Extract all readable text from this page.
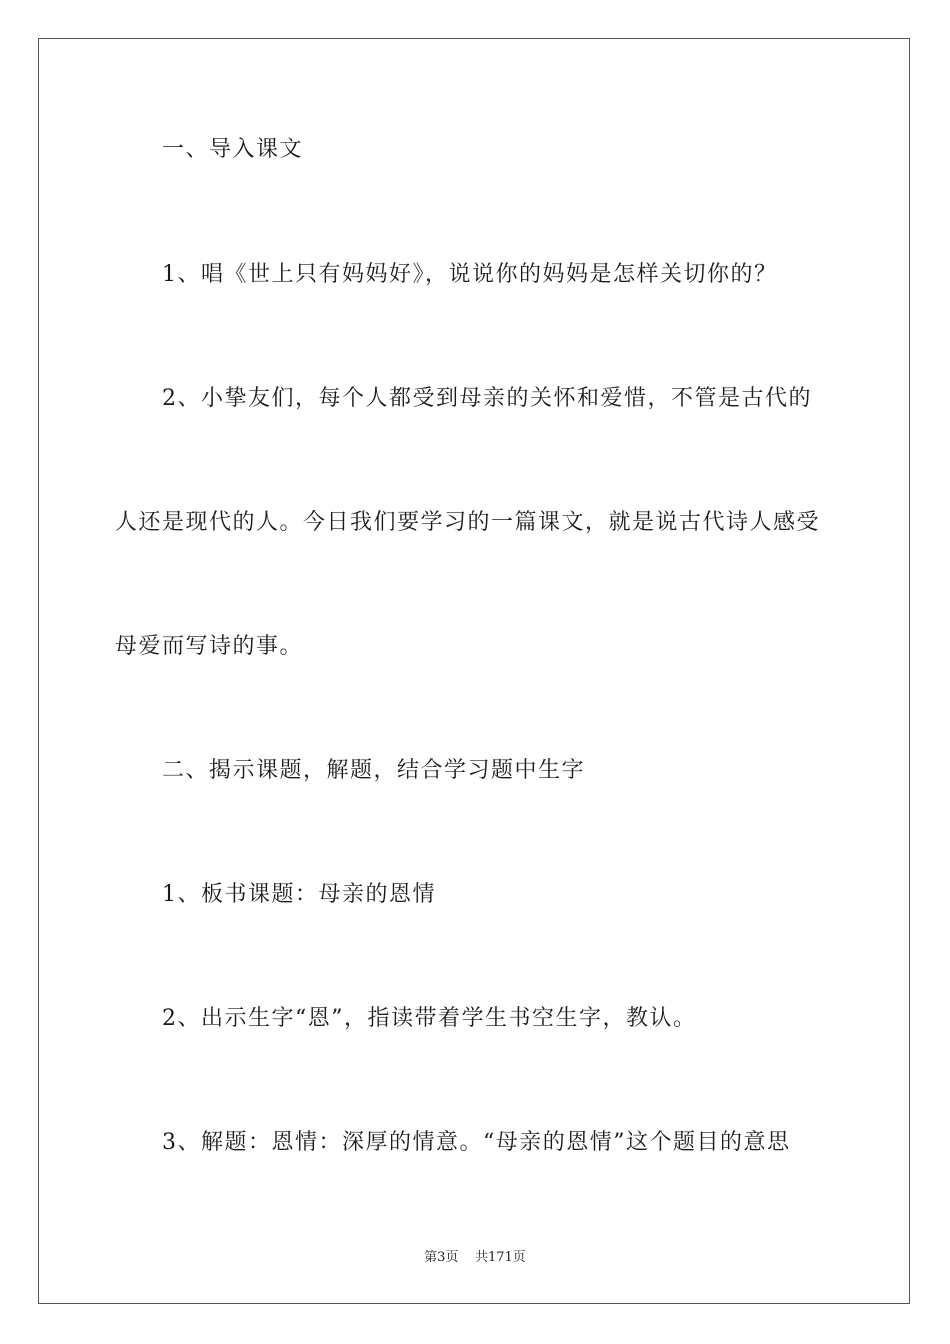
一、导入课文
1、唱《世上只有妈妈好》，说说你的妈妈是怎样关切你的？
2、小挚友们，每个人都受到母亲的关怀和爱惜，不管是古代的
人还是现代的人。今日我们要学习的一篇课文，就是说古代诗人感受
母爱而写诗的事。
二、揭示课题，解题，结合学习题中生字
1、板书课题：母亲的恩情
2、出示生字“恩”，指读带着学生书空生字，教认。
3、解题：恩情：深厚的情意。“母亲的恩情”这个题目的意思
第3页 共171页
